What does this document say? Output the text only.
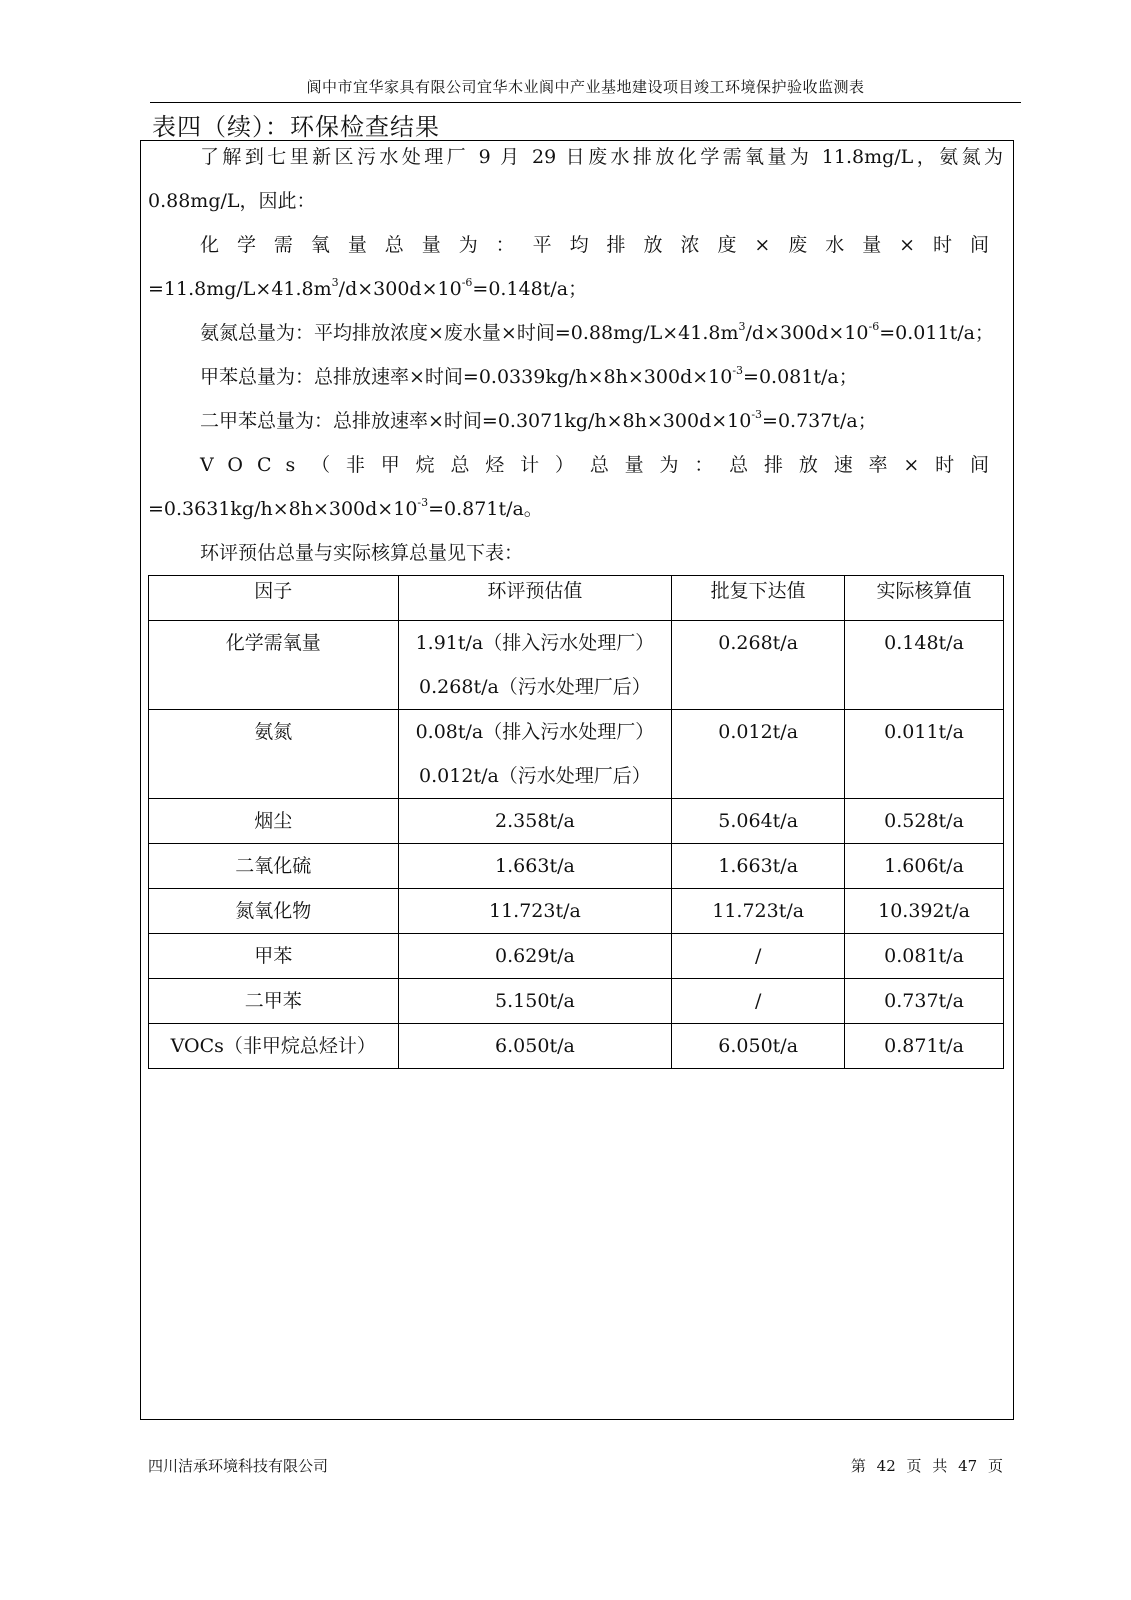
阆中市宜华家具有限公司宜华木业阆中产业基地建设项目竣工环境保护验收监测表
表四（续）：环保检查结果

了解到七里新区污水处理厂 9 月 29 日废水排放化学需氧量为 11.8mg/L，氨氮为

0.88mg/L，因此：

化学需氧量总量为：平均排放浓度×废水量×时间

$=11.8mg/L\times 41.8m^3/d\times 300d\times 10^{-6}=0.148t/a$；

氨氮总量为：平均排放浓度×废水量×时间$=0.88mg/L\times 41.8m^3/d\times 300d\times 10^{-6}=0.011t/a$；

甲苯总量为：总排放速率×时间$=0.0339kg/h\times 8h\times 300d\times 10^{-3}=0.081t/a$；

二甲苯总量为：总排放速率×时间$=0.3071kg/h\times 8h\times 300d\times 10^{-3}=0.737t/a$；

VOCs（非甲烷总烃计）总量为：总排放速率×时间

$=0.3631kg/h\times 8h\times 300d\times 10^{-3}=0.871t/a$。

环评预估总量与实际核算总量见下表：

因子	环评预估值	批复下达值	实际核算值
化学需氧量	1.91t/a（排入污水处理厂）
0.268t/a（污水处理厂后）	0.268t/a	0.148t/a
氨氮	0.08t/a（排入污水处理厂）
0.012t/a（污水处理厂后）	0.012t/a	0.011t/a
烟尘	2.358t/a	5.064t/a	0.528t/a
二氧化硫	1.663t/a	1.663t/a	1.606t/a
氮氧化物	11.723t/a	11.723t/a	10.392t/a
甲苯	0.629t/a	/	0.081t/a
二甲苯	5.150t/a	/	0.737t/a
VOCs（非甲烷总烃计）	6.050t/a	6.050t/a	0.871t/a
四川洁承环境科技有限公司	第 42 页 共 47 页
